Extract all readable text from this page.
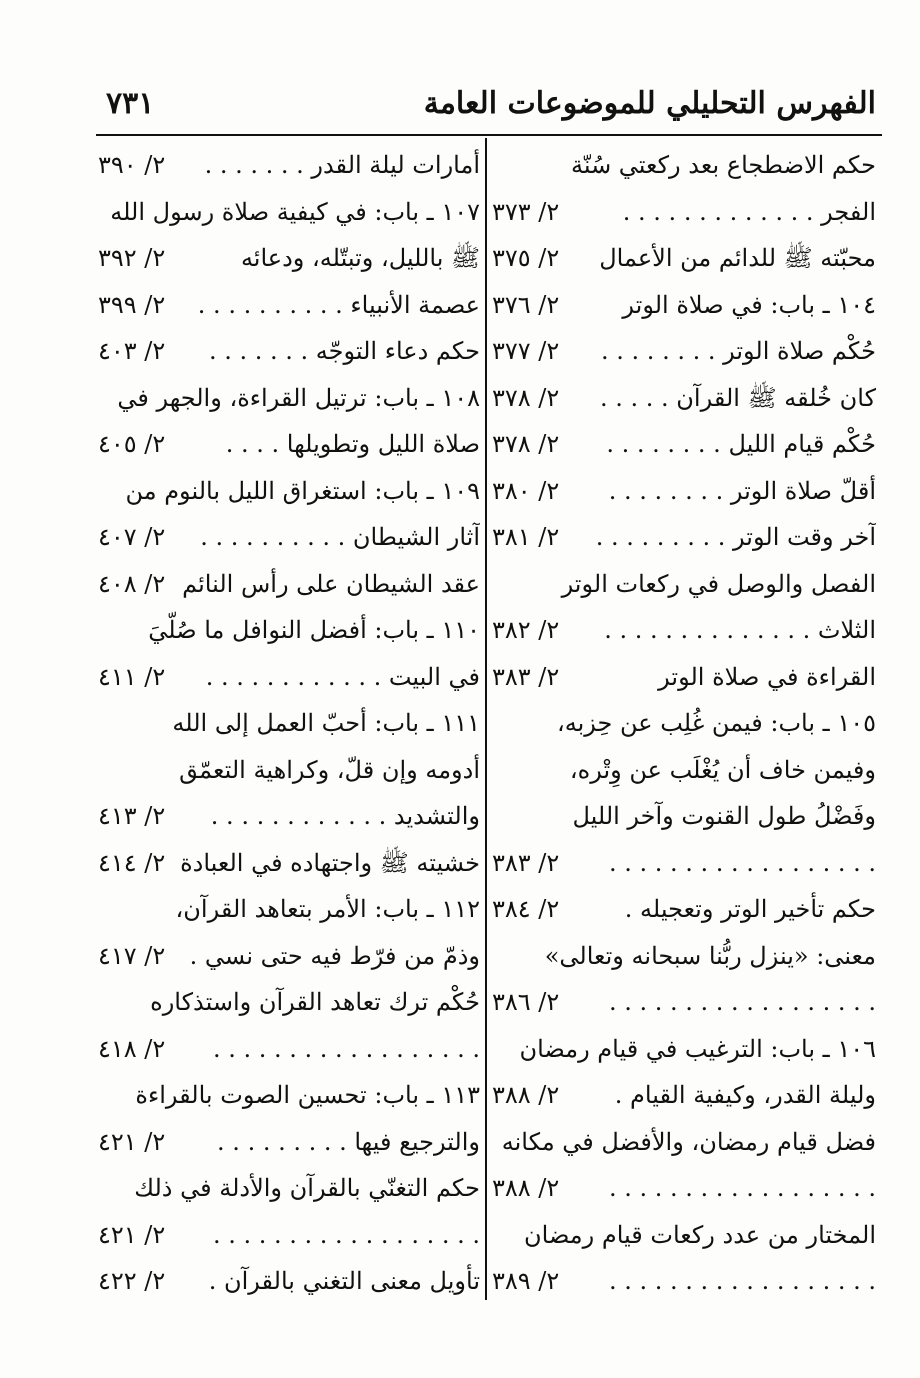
الفهرس التحليلي للموضوعات العامة
٧٣١
حكم الاضطجاع بعد ركعتي سُنّة
الفجر . . . . . . . . . . . . .
٢/ ٣٧٣
محبّته ﷺ للدائم من الأعمال
٢/ ٣٧٥
١٠٤ ـ باب: في صلاة الوتر
٢/ ٣٧٦
حُكْم صلاة الوتر . . . . . . . .
٢/ ٣٧٧
كان خُلقه ﷺ القرآن . . . . .
٢/ ٣٧٨
حُكْم قيام الليل . . . . . . . .
٢/ ٣٧٨
أقلّ صلاة الوتر . . . . . . . .
٢/ ٣٨٠
آخر وقت الوتر . . . . . . . . .
٢/ ٣٨١
الفصل والوصل في ركعات الوتر
الثلاث . . . . . . . . . . . . . .
٢/ ٣٨٢
القراءة في صلاة الوتر
٢/ ٣٨٣
١٠٥ ـ باب: فيمن غُلِب عن حِزبه،
وفيمن خاف أن يُغْلَب عن وِتْره،
وفَضْلُ طول القنوت وآخر الليل
. . . . . . . . . . . . . . . . . .
٢/ ٣٨٣
حكم تأخير الوتر وتعجيله .
٢/ ٣٨٤
معنى: «ينزل ربُّنا سبحانه وتعالى»
. . . . . . . . . . . . . . . . . .
٢/ ٣٨٦
١٠٦ ـ باب: الترغيب في قيام رمضان
وليلة القدر، وكيفية القيام .
٢/ ٣٨٨
فضل قيام رمضان، والأفضل في مكانه
. . . . . . . . . . . . . . . . . .
٢/ ٣٨٨
المختار من عدد ركعات قيام رمضان
. . . . . . . . . . . . . . . . . .
٢/ ٣٨٩
أمارات ليلة القدر . . . . . . .
٢/ ٣٩٠
١٠٧ ـ باب: في كيفية صلاة رسول الله
ﷺ بالليل، وتبتّله، ودعائه
٢/ ٣٩٢
عصمة الأنبياء . . . . . . . . . .
٢/ ٣٩٩
حكم دعاء التوجّه . . . . . . .
٢/ ٤٠٣
١٠٨ ـ باب: ترتيل القراءة، والجهر في
صلاة الليل وتطويلها . . . .
٢/ ٤٠٥
١٠٩ ـ باب: استغراق الليل بالنوم من
آثار الشيطان . . . . . . . . . .
٢/ ٤٠٧
عقد الشيطان على رأس النائم
٢/ ٤٠٨
١١٠ ـ باب: أفضل النوافل ما صُلّيَ
في البيت . . . . . . . . . . . .
٢/ ٤١١
١١١ ـ باب: أحبّ العمل إلى الله
أدومه وإن قلّ، وكراهية التعمّق
والتشديد . . . . . . . . . . . .
٢/ ٤١٣
خشيته ﷺ واجتهاده في العبادة
٢/ ٤١٤
١١٢ ـ باب: الأمر بتعاهد القرآن،
وذمّ من فرّط فيه حتى نسي .
٢/ ٤١٧
حُكْم ترك تعاهد القرآن واستذكاره
. . . . . . . . . . . . . . . . . .
٢/ ٤١٨
١١٣ ـ باب: تحسين الصوت بالقراءة
والترجيع فيها . . . . . . . . .
٢/ ٤٢١
حكم التغنّي بالقرآن والأدلة في ذلك
. . . . . . . . . . . . . . . . . .
٢/ ٤٢١
تأويل معنى التغني بالقرآن .
٢/ ٤٢٢
